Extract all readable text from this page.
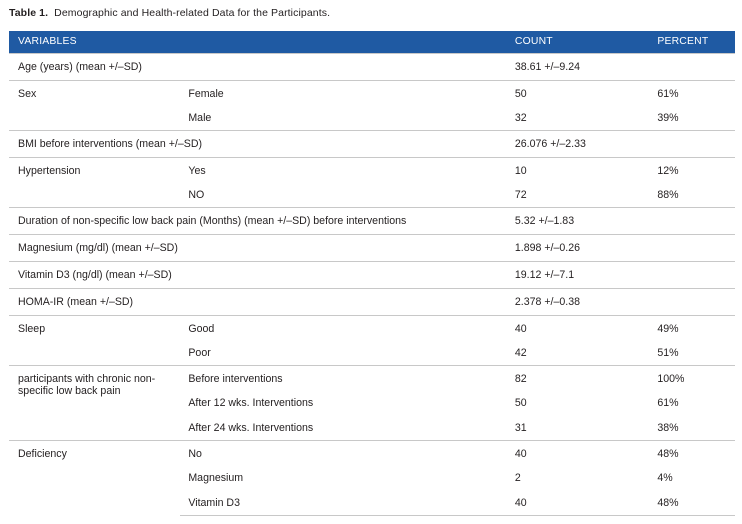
Table 1. Demographic and Health-related Data for the Participants.
VARIABLES		COUNT	PERCENT
Age (years) (mean +/–SD)		38.61 +/–9.24	
Sex	Female	50	61%
	Male	32	39%
BMI before interventions (mean +/–SD)		26.076 +/–2.33	
Hypertension	Yes	10	12%
	NO	72	88%
Duration of non-specific low back pain (Months) (mean +/–SD) before interventions		5.32 +/–1.83	
Magnesium (mg/dl) (mean +/–SD)		1.898 +/–0.26	
Vitamin D3 (ng/dl) (mean +/–SD)		19.12 +/–7.1	
HOMA-IR (mean +/–SD)		2.378 +/–0.38	
Sleep	Good	40	49%
	Poor	42	51%
participants with chronic non-specific low back pain	Before interventions	82	100%
	After 12 wks. Interventions	50	61%
	After 24 wks. Interventions	31	38%
Deficiency	No	40	48%
	Magnesium	2	4%
	Vitamin D3	40	48%
